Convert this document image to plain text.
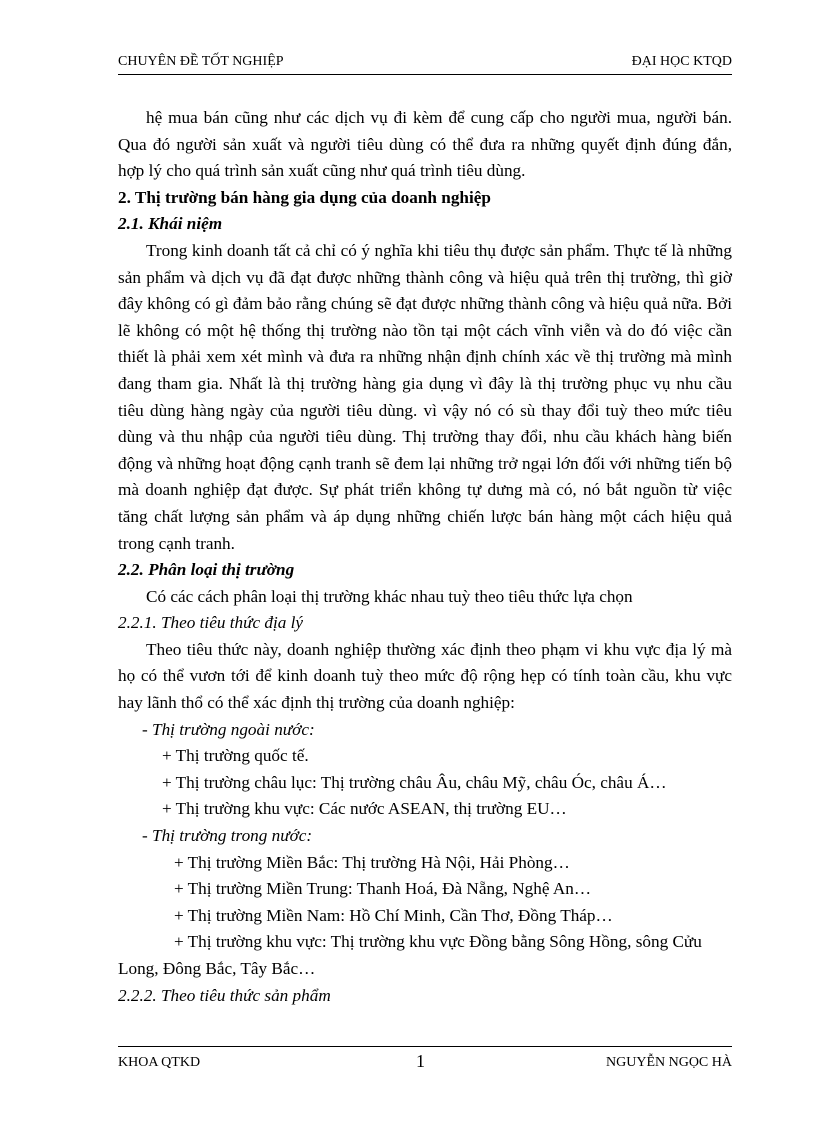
CHUYÊN ĐỀ TỐT NGHIỆP	ĐẠI HỌC KTQD

hệ mua bán cũng như các dịch vụ đi kèm để cung cấp cho người mua, người bán.

Qua đó người sản xuất và người tiêu dùng có thể đưa ra những quyết định đúng đắn,

hợp lý cho quá trình sản xuất cũng như quá trình tiêu dùng.

2. Thị trường bán hàng gia dụng của doanh nghiệp

2.1. Khái niệm

Trong kinh doanh tất cả chỉ có ý nghĩa khi tiêu thụ được sản phẩm. Thực tế là những sản phẩm và dịch vụ đã đạt được những thành công và hiệu quả trên thị trường, thì giờ đây không có gì đảm bảo rằng chúng sẽ đạt được những thành công và hiệu quả nữa. Bởi lẽ không có một hệ thống thị trường nào tồn tại một cách vĩnh viễn và do đó việc cần thiết là phải xem xét mình và đưa ra những nhận định chính xác về thị trường mà mình đang tham gia. Nhất là thị trường hàng gia dụng vì đây là thị trường phục vụ nhu cầu tiêu dùng hàng ngày của người tiêu dùng. vì vậy nó có sù thay đổi tuỳ theo mức tiêu dùng và thu nhập của người tiêu dùng. Thị trường thay đổi, nhu cầu khách hàng biến động và những hoạt động cạnh tranh sẽ đem lại những trở ngại lớn đối với những tiến bộ mà doanh nghiệp đạt được. Sự phát triển không tự dưng mà có, nó bắt nguồn từ việc tăng chất lượng sản phẩm và áp dụng những chiến lược bán hàng một cách hiệu quả trong cạnh tranh.

2.2. Phân loại thị trường

Có các cách phân loại thị trường khác nhau tuỳ theo tiêu thức lựa chọn

2.2.1. Theo tiêu thức địa lý

Theo tiêu thức này, doanh nghiệp thường xác định theo phạm vi khu vực địa lý mà họ có thể vươn tới để kinh doanh tuỳ theo mức độ rộng hẹp có tính toàn cầu, khu vực hay lãnh thổ có thể xác định thị trường của doanh nghiệp:

- Thị trường ngoài nước:

+ Thị trường quốc tế.

+ Thị trường châu lục: Thị trường châu Âu, châu Mỹ, châu Óc, châu Á…

+ Thị trường khu vực: Các nước ASEAN, thị trường EU…

- Thị trường trong nước:

+ Thị trường Miền Bắc: Thị trường Hà Nội, Hải Phòng…

+ Thị trường Miền Trung: Thanh Hoá, Đà Nẵng, Nghệ An…

+ Thị trường Miền Nam: Hồ Chí Minh, Cần Thơ, Đồng Tháp…

+ Thị trường khu vực: Thị trường khu vực Đồng bằng Sông Hồng, sông Cửu

Long, Đông Bắc, Tây Bắc…

2.2.2. Theo tiêu thức sản phẩm

KHOA QTKD	1	NGUYỄN NGỌC HÀ
